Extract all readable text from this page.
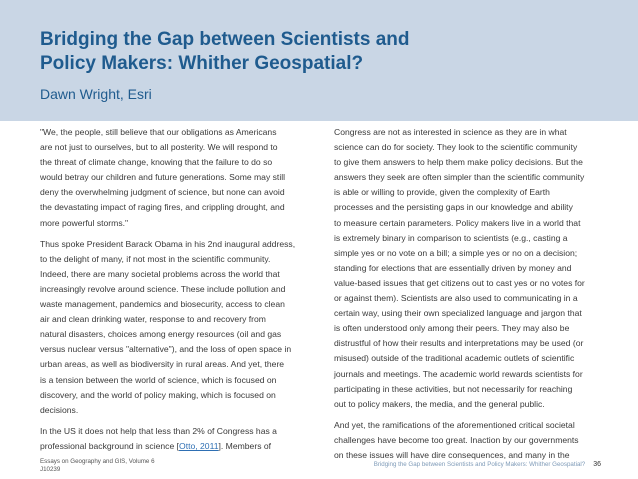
Bridging the Gap between Scientists and
Policy Makers: Whither Geospatial?
Dawn Wright, Esri

"We, the people, still believe that our obligations as Americans
are not just to ourselves, but to all posterity. We will respond to
the threat of climate change, knowing that the failure to do so
would betray our children and future generations. Some may still
deny the overwhelming judgment of science, but none can avoid
the devastating impact of raging fires, and crippling drought, and
more powerful storms."

Thus spoke President Barack Obama in his 2nd inaugural address,
to the delight of many, if not most in the scientific community.
Indeed, there are many societal problems across the world that
increasingly revolve around science. These include pollution and
waste management, pandemics and biosecurity, access to clean
air and clean drinking water, response to and recovery from
natural disasters, choices among energy resources (oil and gas
versus nuclear versus "alternative"), and the loss of open space in
urban areas, as well as biodiversity in rural areas. And yet, there
is a tension between the world of science, which is focused on
discovery, and the world of policy making, which is focused on
decisions.

In the US it does not help that less than 2% of Congress has a
professional background in science [Otto, 2011]. Members of

Congress are not as interested in science as they are in what
science can do for society. They look to the scientific community
to give them answers to help them make policy decisions. But the
answers they seek are often simpler than the scientific community
is able or willing to provide, given the complexity of Earth
processes and the persisting gaps in our knowledge and ability
to measure certain parameters. Policy makers live in a world that
is extremely binary in comparison to scientists (e.g., casting a
simple yes or no vote on a bill; a simple yes or no on a decision;
standing for elections that are essentially driven by money and
value-based issues that get citizens out to cast yes or no votes for
or against them). Scientists are also used to communicating in a
certain way, using their own specialized language and jargon that
is often understood only among their peers. They may also be
distrustful of how their results and interpretations may be used (or
misused) outside of the traditional academic outlets of scientific
journals and meetings. The academic world rewards scientists for
participating in these activities, but not necessarily for reaching
out to policy makers, the media, and the general public.

And yet, the ramifications of the aforementioned critical societal
challenges have become too great. Inaction by our governments
on these issues will have dire consequences, and many in the

Essays on Geography and GIS, Volume 6
J10239
Bridging the Gap between Scientists and Policy Makers: Whither Geospatial? 36
